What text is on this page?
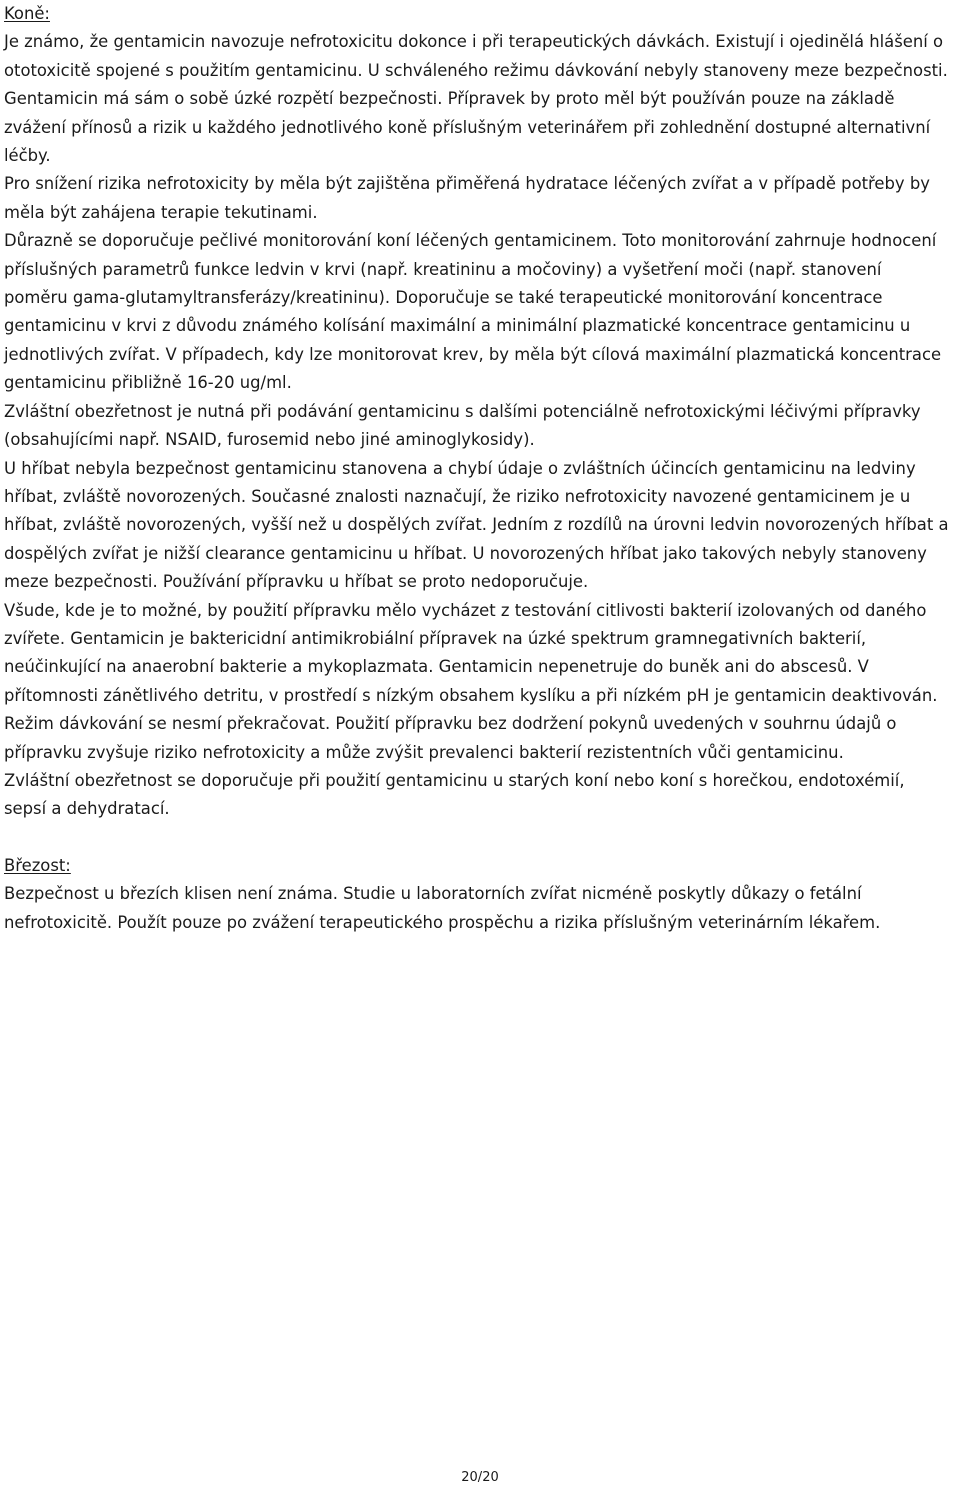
Koně:

Je známo, že gentamicin navozuje nefrotoxicitu dokonce i při terapeutických dávkách. Existují i ojedinělá hlášení o ototoxicitě spojené s použitím gentamicinu. U schváleného režimu dávkování nebyly stanoveny meze bezpečnosti. Gentamicin má sám o sobě úzké rozpětí bezpečnosti. Přípravek by proto měl být používán pouze na základě zvážení přínosů a rizik u každého jednotlivého koně příslušným veterinářem při zohlednění dostupné alternativní léčby.

Pro snížení rizika nefrotoxicity by měla být zajištěna přiměřená hydratace léčených zvířat a v případě potřeby by měla být zahájena terapie tekutinami.

Důrazně se doporučuje pečlivé monitorování koní léčených gentamicinem. Toto monitorování zahrnuje hodnocení příslušných parametrů funkce ledvin v krvi (např. kreatininu a močoviny) a vyšetření moči (např. stanovení poměru gama-glutamyltransferázy/kreatininu). Doporučuje se také terapeutické monitorování koncentrace gentamicinu v krvi z důvodu známého kolísání maximální a minimální plazmatické koncentrace gentamicinu u jednotlivých zvířat. V případech, kdy lze monitorovat krev, by měla být cílová maximální plazmatická koncentrace gentamicinu přibližně 16-20 ug/ml.

Zvláštní obezřetnost je nutná při podávání gentamicinu s dalšími potenciálně nefrotoxickými léčivými přípravky (obsahujícími např. NSAID, furosemid nebo jiné aminoglykosidy).

U hříbat nebyla bezpečnost gentamicinu stanovena a chybí údaje o zvláštních účincích gentamicinu na ledviny hříbat, zvláště novorozených. Současné znalosti naznačují, že riziko nefrotoxicity navozené gentamicinem je u hříbat, zvláště novorozených, vyšší než u dospělých zvířat. Jedním z rozdílů na úrovni ledvin novorozených hříbat a dospělých zvířat je nižší clearance gentamicinu u hříbat. U novorozených hříbat jako takových nebyly stanoveny meze bezpečnosti. Používání přípravku u hříbat se proto nedoporučuje.

Všude, kde je to možné, by použití přípravku mělo vycházet z testování citlivosti bakterií izolovaných od daného zvířete. Gentamicin je baktericidní antimikrobiální přípravek na úzké spektrum gramnegativních bakterií, neúčinkující na anaerobní bakterie a mykoplazmata. Gentamicin nepenetruje do buněk ani do abscesů. V přítomnosti zánětlivého detritu, v prostředí s nízkým obsahem kyslíku a při nízkém pH je gentamicin deaktivován.

Režim dávkování se nesmí překračovat. Použití přípravku bez dodržení pokynů uvedených v souhrnu údajů o přípravku zvyšuje riziko nefrotoxicity a může zvýšit prevalenci bakterií rezistentních vůči gentamicinu.

Zvláštní obezřetnost se doporučuje při použití gentamicinu u starých koní nebo koní s horečkou, endotoxémií, sepsí a dehydratací.

Březost:

Bezpečnost u březích klisen není známa. Studie u laboratorních zvířat nicméně poskytly důkazy o fetální nefrotoxicitě. Použít pouze po zvážení terapeutického prospěchu a rizika příslušným veterinárním lékařem.

20/20
